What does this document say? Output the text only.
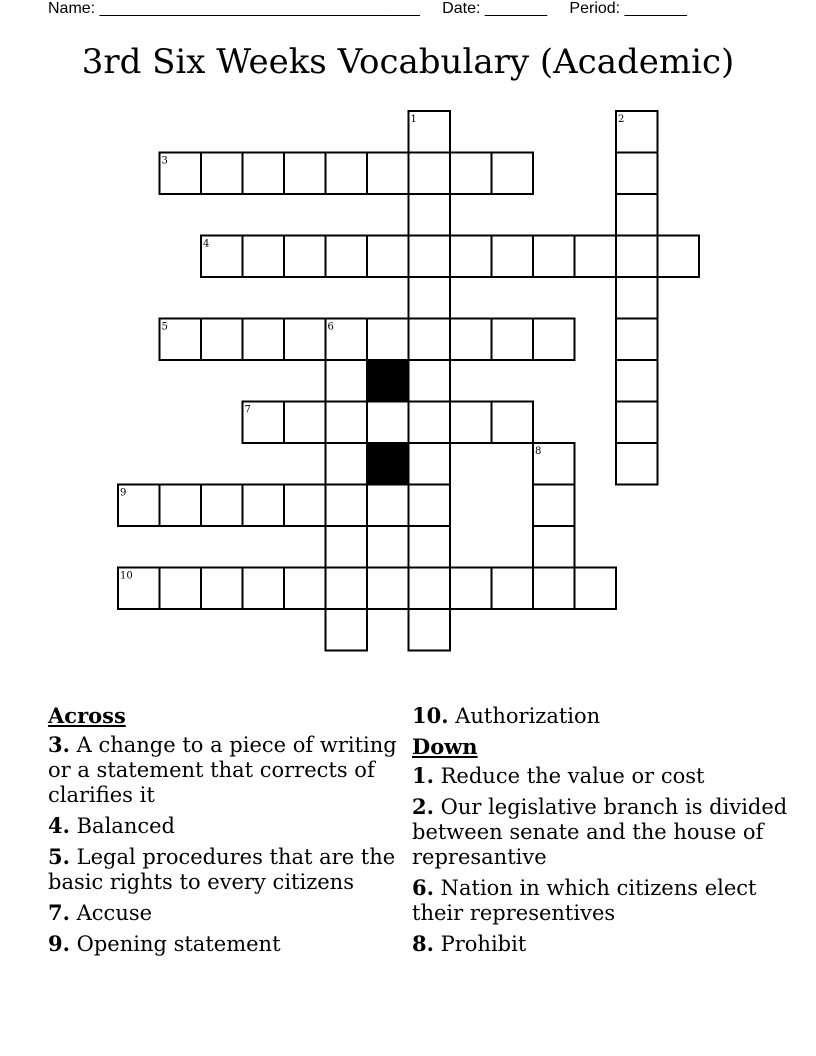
Name: ____________________________________ Date: _______ Period: _______
3rd Six Weeks Vocabulary (Academic)
1	2
3
4
5	6
7
8
9
10
Across
3. A change to a piece of writing or a statement that corrects of clarifies it
4. Balanced
5. Legal procedures that are the basic rights to every citizens
7. Accuse
9. Opening statement
10. Authorization
Down
1. Reduce the value or cost
2. Our legislative branch is divided between senate and the house of represantive
6. Nation in which citizens elect their representives
8. Prohibit
